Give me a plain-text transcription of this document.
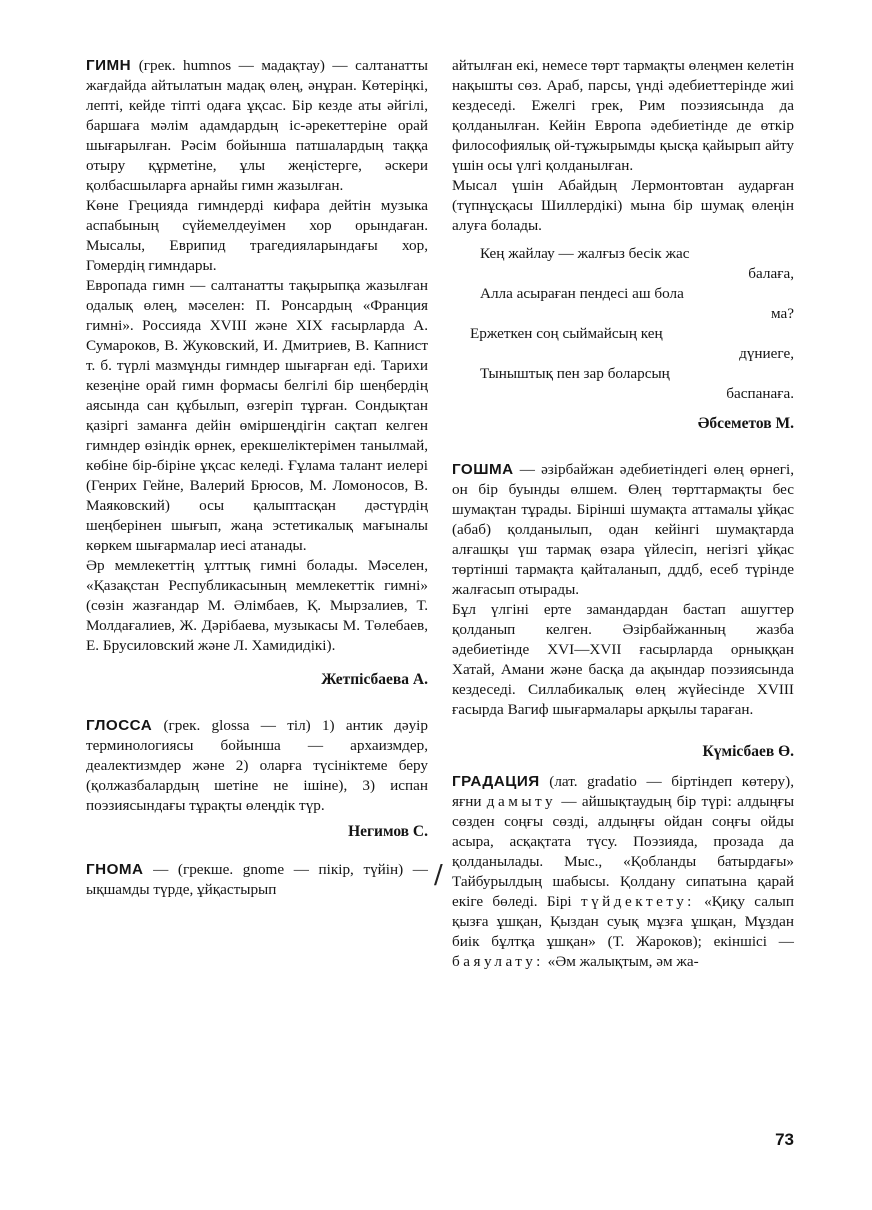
ГИМН (грек. humnos — мадақтау) — салтанатты жағдайда айтылатын мадақ өлең, әнұран. Көтеріңкі, лепті, кейде тіпті одаға ұқсас. Бір кезде аты әйгілі, баршаға мәлім адамдардың іс-әрекеттеріне орай шығарылған. Рәсім бойынша патшалардың таққа отыру құрметіне, ұлы жеңістерге, әскери қолбасшыларға арнайы гимн жазылған.

Көне Грецияда гимндерді кифара дейтін музыка аспабының сүйемелдеуімен хор орындаған. Мысалы, Еврипид трагедияларындағы хор, Гомердің гимндары.

Европада гимн — салтанатты тақырыпқа жазылған одалық өлең, мәселен: П. Ронсардың «Франция гимні». Россияда XVIII және XIX ғасырларда А. Сумароков, В. Жуковский, И. Дмитриев, В. Капнист т. б. түрлі мазмұнды гимндер шығарған еді. Тарихи кезеңіне орай гимн формасы белгілі бір шеңбердің аясында сан құбылып, өзгеріп тұрған. Сондықтан қазіргі заманға дейін өміршеңдігін сақтап келген гимндер өзіндік өрнек, ерекшеліктерімен танылмай, көбіне бір-біріне ұқсас келеді. Ғұлама талант иелері (Генрих Гейне, Валерий Брюсов, М. Ломоносов, В. Маяковский) осы қалыптасқан дәстүрдің шеңберінен шығып, жаңа эстетикалық мағыналы көркем шығармалар иесі атанады.

Әр мемлекеттің ұлттық гимні болады. Мәселен, «Қазақстан Республикасының мемлекеттік гимні» (сөзін жазғандар М. Әлімбаев, Қ. Мырзалиев, Т. Молдағалиев, Ж. Дәрібаева, музыкасы М. Төлебаев, Е. Брусиловский және Л. Хамидидікі).

Жетпісбаева А.

ГЛОССА (грек. glossa — тіл) 1) антик дәуір терминологиясы бойынша — архаизмдер, деалектизмдер және 2) оларға түсініктеме беру (қолжазбалардың шетіне не ішіне), 3) испан поэзиясындағы тұрақты өлеңдік түр.

Негимов С.

ГНОМА — (грекше. gnome — пікір, түйін) — ықшамды түрде, ұйқастырып

айтылған екі, немесе төрт тармақты өлеңмен келетін нақышты сөз. Араб, парсы, үнді әдебиеттерінде жиі кездеседі. Ежелгі грек, Рим поэзиясында да қолданылған. Кейін Европа әдебиетінде де өткір философиялық ой-тұжырымды қысқа қайырып айту үшін осы үлгі қолданылған.

Мысал үшін Абайдың Лермонтовтан аударған (түпнұсқасы Шиллердікі) мына бір шумақ өлеңін алуға болады.

Кең жайлау — жалғыз бесік жас
балаға,
Алла асыраған пендесі аш бола
ма?
Ержеткен соң сыймайсың кең
дүниеге,
Тыныштық пен зар боларсың
баспанаға.
Әбсеметов М.

ГОШМА — әзірбайжан әдебиетіндегі өлең өрнегі, он бір буынды өлшем. Өлең төрттармақты бес шумақтан тұрады. Бірінші шумақта аттамалы ұйқас (абаб) қолданылып, одан кейінгі шумақтарда алғашқы үш тармақ өзара үйлесіп, негізгі ұйқас төртінші тармақта қайталанып, дддб, есеб түрінде жалғасып отырады.

Бұл үлгіні ерте замандардан бастап ашугтер қолданып келген. Әзірбайжанның жазба әдебиетінде XVI—XVII ғасырларда орныққан Хатай, Амани және басқа да ақындар поэзиясында кездеседі. Силлабикалық өлең жүйесінде XVIII ғасырда Вагиф шығармалары арқылы тараған.

Күмісбаев Ө.

ГРАДАЦИЯ (лат. gradatio — біртіндеп көтеру), яғни дамыту — айшықтаудың бір түрі: алдыңғы сөзден соңғы сөзді, алдыңғы ойдан соңғы ойды асыра, асқақтата түсу. Поэзияда, прозада да қолданылады. Мыс., «Қобланды батырдағы» Тайбурылдың шабысы. Қолдану сипатына қарай екіге бөледі. Бірі түйдектету: «Қиқу салып қызға ұшқан, Қыздан суық мұзға ұшқан, Мұздан биік бұлтқа ұшқан» (Т. Жароков); екіншісі — баяулату: «Әм жалықтым, әм жа-

/
73
